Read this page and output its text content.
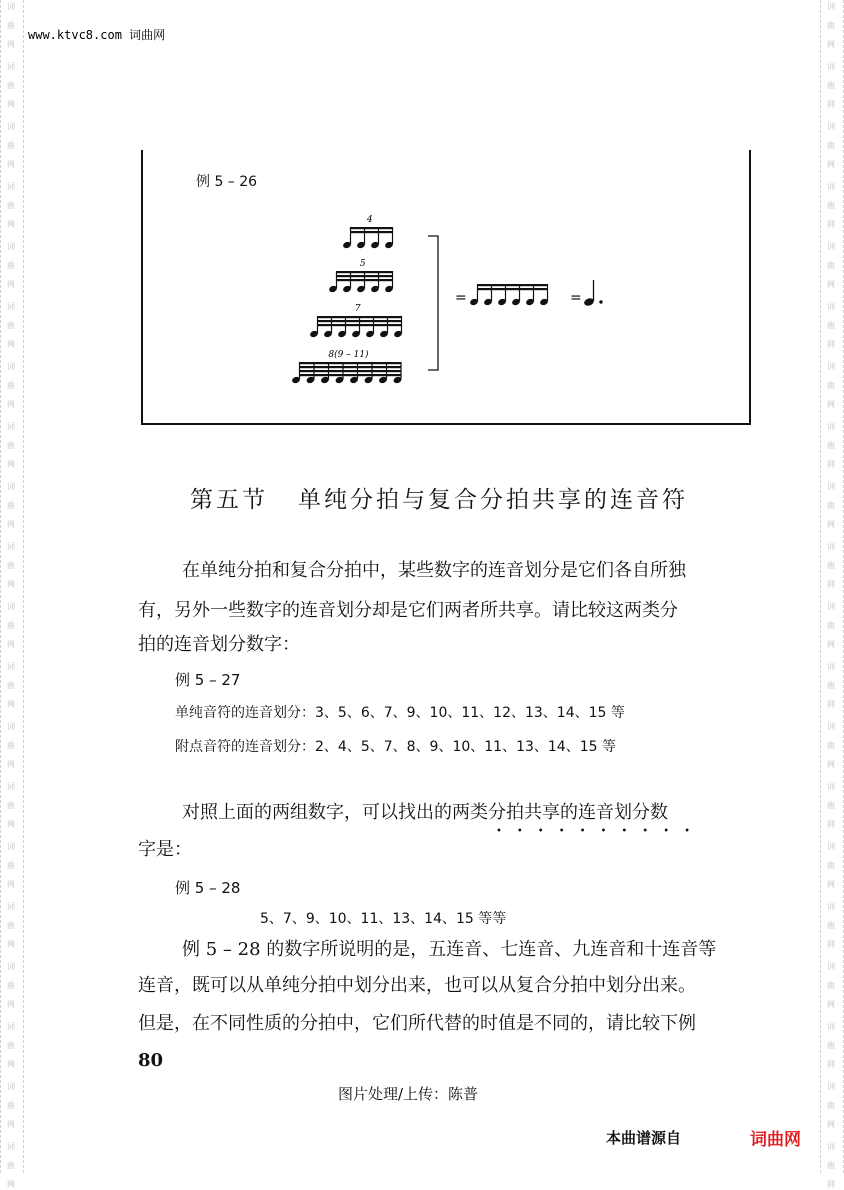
词
曲
网
词
曲
网
词
曲
网
词
曲
网
词
曲
网
词
曲
网
词
曲
网
词
曲
网
词
曲
网
词
曲
网
词
曲
网
词
曲
网
词
曲
网
词
曲
网
词
曲
网
词
曲
网
词
曲
网
词
曲
网
词
曲
网
词
曲
网
词
曲
网
词
曲
网
词
曲
网
词
曲
网
词
曲
网
词
曲
网
词
曲
网
词
曲
网
词
曲
网
词
曲
网
词
曲
网
词
曲
网
词
曲
网
词
曲
网
词
曲
网
词
曲
网
词
曲
网
词
曲
网
词
曲
网
词
曲
网
www.ktvc8.com 词曲网
例 5 – 26
4
5
7
8(9 – 11)
=	=
第五节 单纯分拍与复合分拍共享的连音符
在单纯分拍和复合分拍中，某些数字的连音划分是它们各自所独
有，另外一些数字的连音划分却是它们两者所共享。请比较这两类分
拍的连音划分数字：
例 5 – 27
单纯音符的连音划分：3、5、6、7、9、10、11、12、13、14、15 等
附点音符的连音划分：2、4、5、7、8、9、10、11、13、14、15 等
对照上面的两组数字，可以找出的两类分拍共享的连音划分数
••••••••••
字是：
例 5 – 28
5、7、9、10、11、13、14、15 等等
例 5 – 28 的数字所说明的是，五连音、七连音、九连音和十连音等
连音，既可以从单纯分拍中划分出来，也可以从复合分拍中划分出来。
但是，在不同性质的分拍中，它们所代替的时值是不同的，请比较下例
80
图片处理/上传：陈普
本曲谱源自	词曲网
